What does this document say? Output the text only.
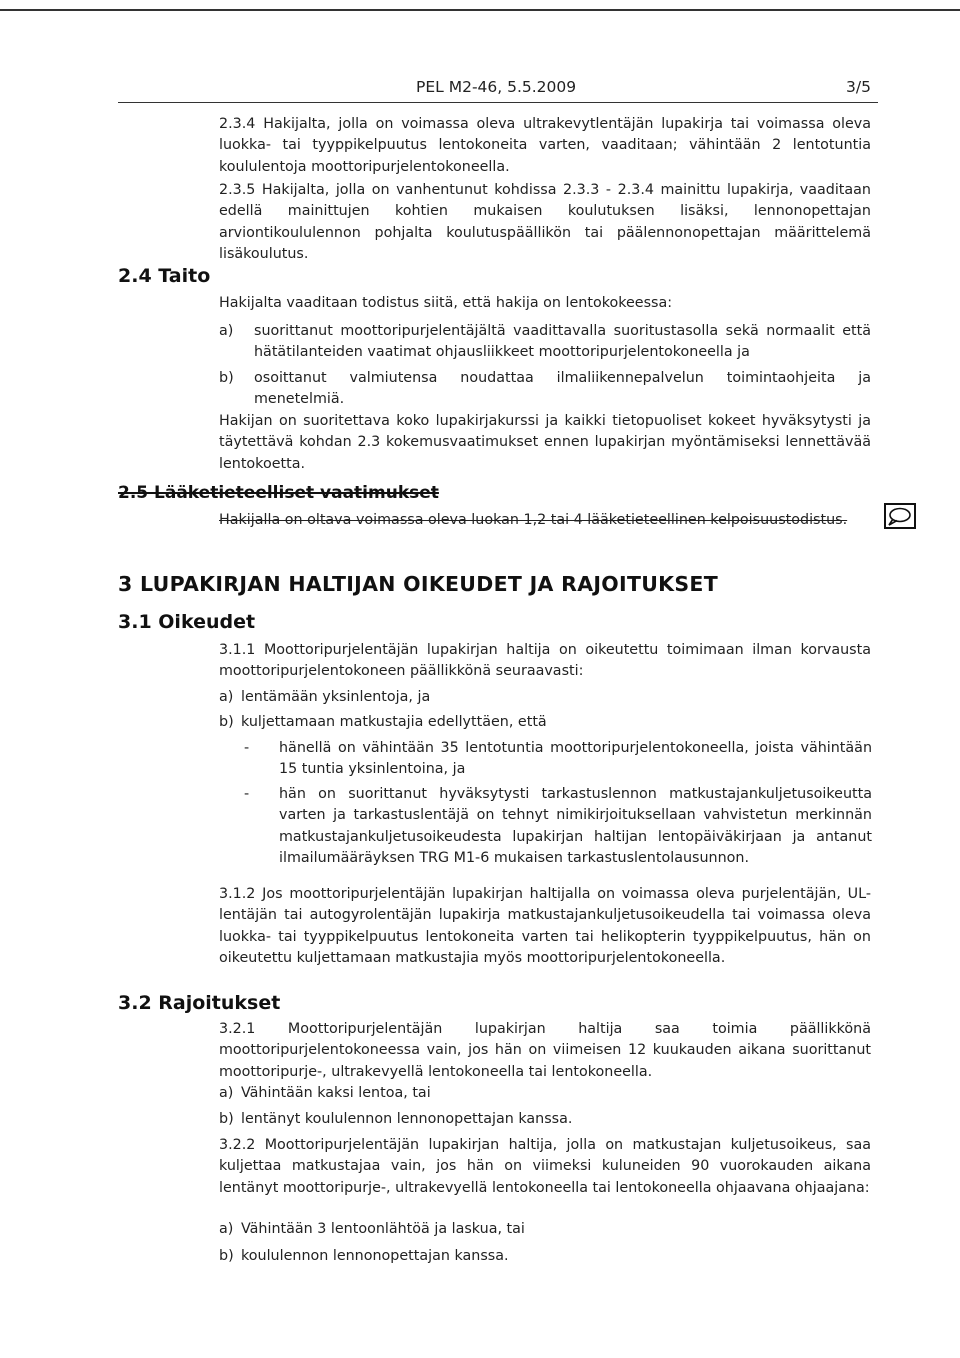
PEL M2-46, 5.5.2009	3/5
2.3.4 Hakijalta, jolla on voimassa oleva ultrakevytlentäjän lupakirja tai voimassa oleva luokka- tai tyyppikelpuutus lentokoneita varten, vaaditaan; vähintään 2 lentotuntia koululentoja moottoripurjelentokoneella.
2.3.5 Hakijalta, jolla on vanhentunut kohdissa 2.3.3 - 2.3.4 mainittu lupakirja, vaaditaan edellä mainittujen kohtien mukaisen koulutuksen lisäksi, lennonopettajan arviontikoululennon pohjalta koulutuspäällikön tai päälennonopettajan määrittelemä lisäkoulutus.
2.4 Taito
Hakijalta vaaditaan todistus siitä, että hakija on lentokokeessa:
a) suorittanut moottoripurjelentäjältä vaadittavalla suoritustasolla sekä normaalit että hätätilanteiden vaatimat ohjausliikkeet moottoripurjelentokoneella ja
b) osoittanut valmiutensa noudattaa ilmaliikennepalvelun toimintaohjeita ja menetelmiä.
Hakijan on suoritettava koko lupakirjakurssi ja kaikki tietopuoliset kokeet hyväksytysti ja täytettävä kohdan 2.3 kokemusvaatimukset ennen lupakirjan myöntämiseksi lennettävää lentokoetta.
2.5 Lääketieteelliset vaatimukset
Hakijalla on oltava voimassa oleva luokan 1,2 tai 4 lääketieteellinen kelpoisuustodistus.
3 LUPAKIRJAN HALTIJAN OIKEUDET JA RAJOITUKSET
3.1 Oikeudet
3.1.1 Moottoripurjelentäjän lupakirjan haltija on oikeutettu toimimaan ilman korvausta moottoripurjelentokoneen päällikkönä seuraavasti:
a) lentämään yksinlentoja, ja
b) kuljettamaan matkustajia edellyttäen, että
- hänellä on vähintään 35 lentotuntia moottoripurjelentokoneella, joista vähintään 15 tuntia yksinlentoina, ja
- hän on suorittanut hyväksytysti tarkastuslennon matkustajankuljetusoikeutta varten ja tarkastuslentäjä on tehnyt nimikirjoituksellaan vahvistetun merkinnän matkustajankuljetusoikeudesta lupakirjan haltijan lentopäiväkirjaan ja antanut ilmailumääräyksen TRG M1-6 mukaisen tarkastuslentolausunnon.
3.1.2 Jos moottoripurjelentäjän lupakirjan haltijalla on voimassa oleva purjelentäjän, UL-lentäjän tai autogyrolentäjän lupakirja matkustajankuljetusoikeudella tai voimassa oleva luokka- tai tyyppikelpuutus lentokoneita varten tai helikopterin tyyppikelpuutus, hän on oikeutettu kuljettamaan matkustajia myös moottoripurjelentokoneella.
3.2 Rajoitukset
3.2.1 Moottoripurjelentäjän lupakirjan haltija saa toimia päällikkönä moottoripurjelentokoneessa vain, jos hän on viimeisen 12 kuukauden aikana suorittanut moottoripurje-, ultrakevyellä lentokoneella tai lentokoneella.
a) Vähintään kaksi lentoa, tai
b) lentänyt koululennon lennonopettajan kanssa.
3.2.2 Moottoripurjelentäjän lupakirjan haltija, jolla on matkustajan kuljetusoikeus, saa kuljettaa matkustajaa vain, jos hän on viimeksi kuluneiden 90 vuorokauden aikana lentänyt moottoripurje-, ultrakevyellä lentokoneella tai lentokoneella ohjaavana ohjaajana:
a) Vähintään 3 lentoonlähtöä ja laskua, tai
b) koululennon lennonopettajan kanssa.
